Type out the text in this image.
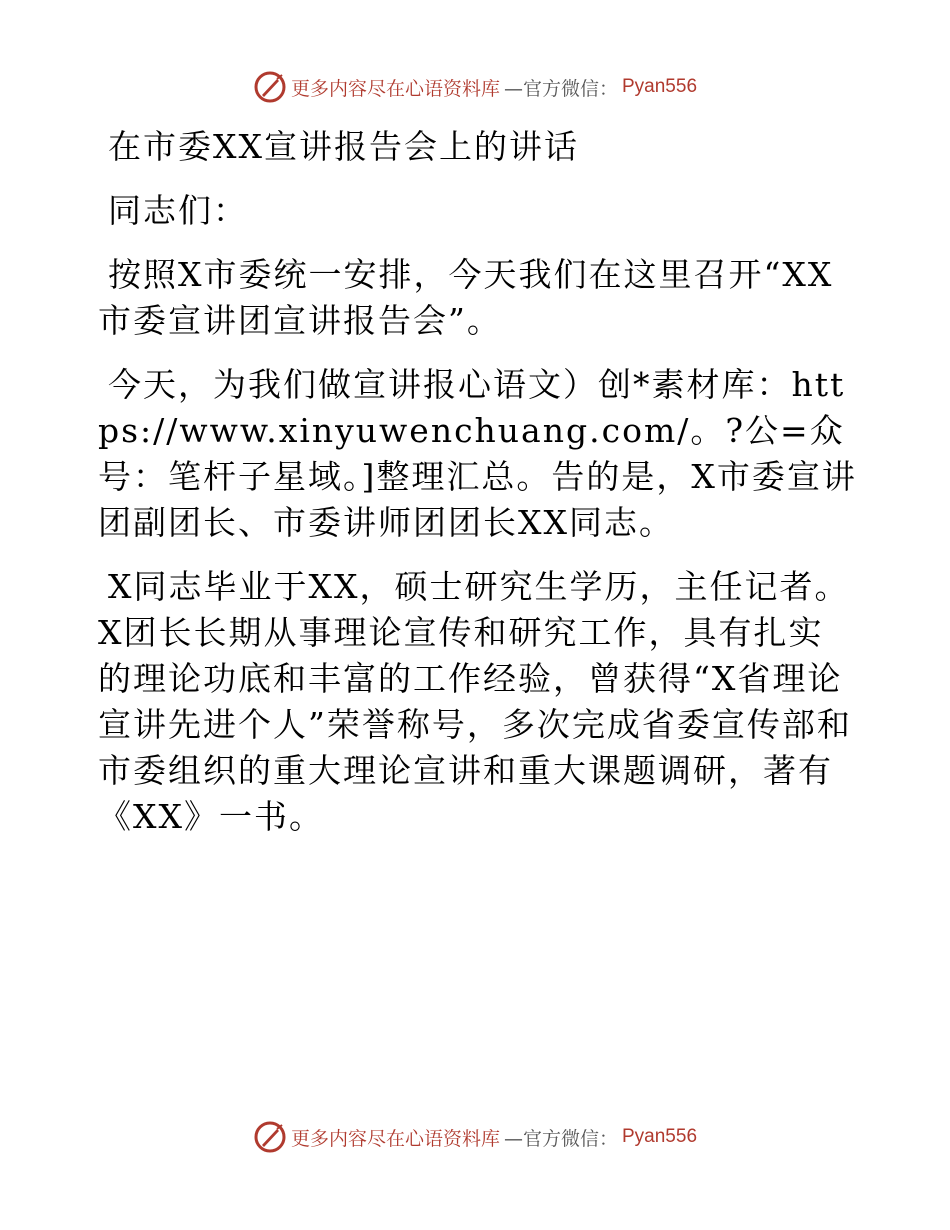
更多内容尽在心语资料库 —官方微信： Pyan556

在市委XX宣讲报告会上的讲话

同志们：

按照X市委统一安排，今天我们在这里召开“XX市委宣讲团宣讲报告会”。

今天，为我们做宣讲报心语文）创*素材库：https://www.xinyuwenchuang.com/。?公=众号：笔杆子星域。]整理汇总。告的是，X市委宣讲团副团长、市委讲师团团长XX同志。

X同志毕业于XX，硕士研究生学历，主任记者。X团长长期从事理论宣传和研究工作，具有扎实的理论功底和丰富的工作经验，曾获得“X省理论宣讲先进个人”荣誉称号，多次完成省委宣传部和市委组织的重大理论宣讲和重大课题调研，著有《XX》一书。

更多内容尽在心语资料库 —官方微信： Pyan556
